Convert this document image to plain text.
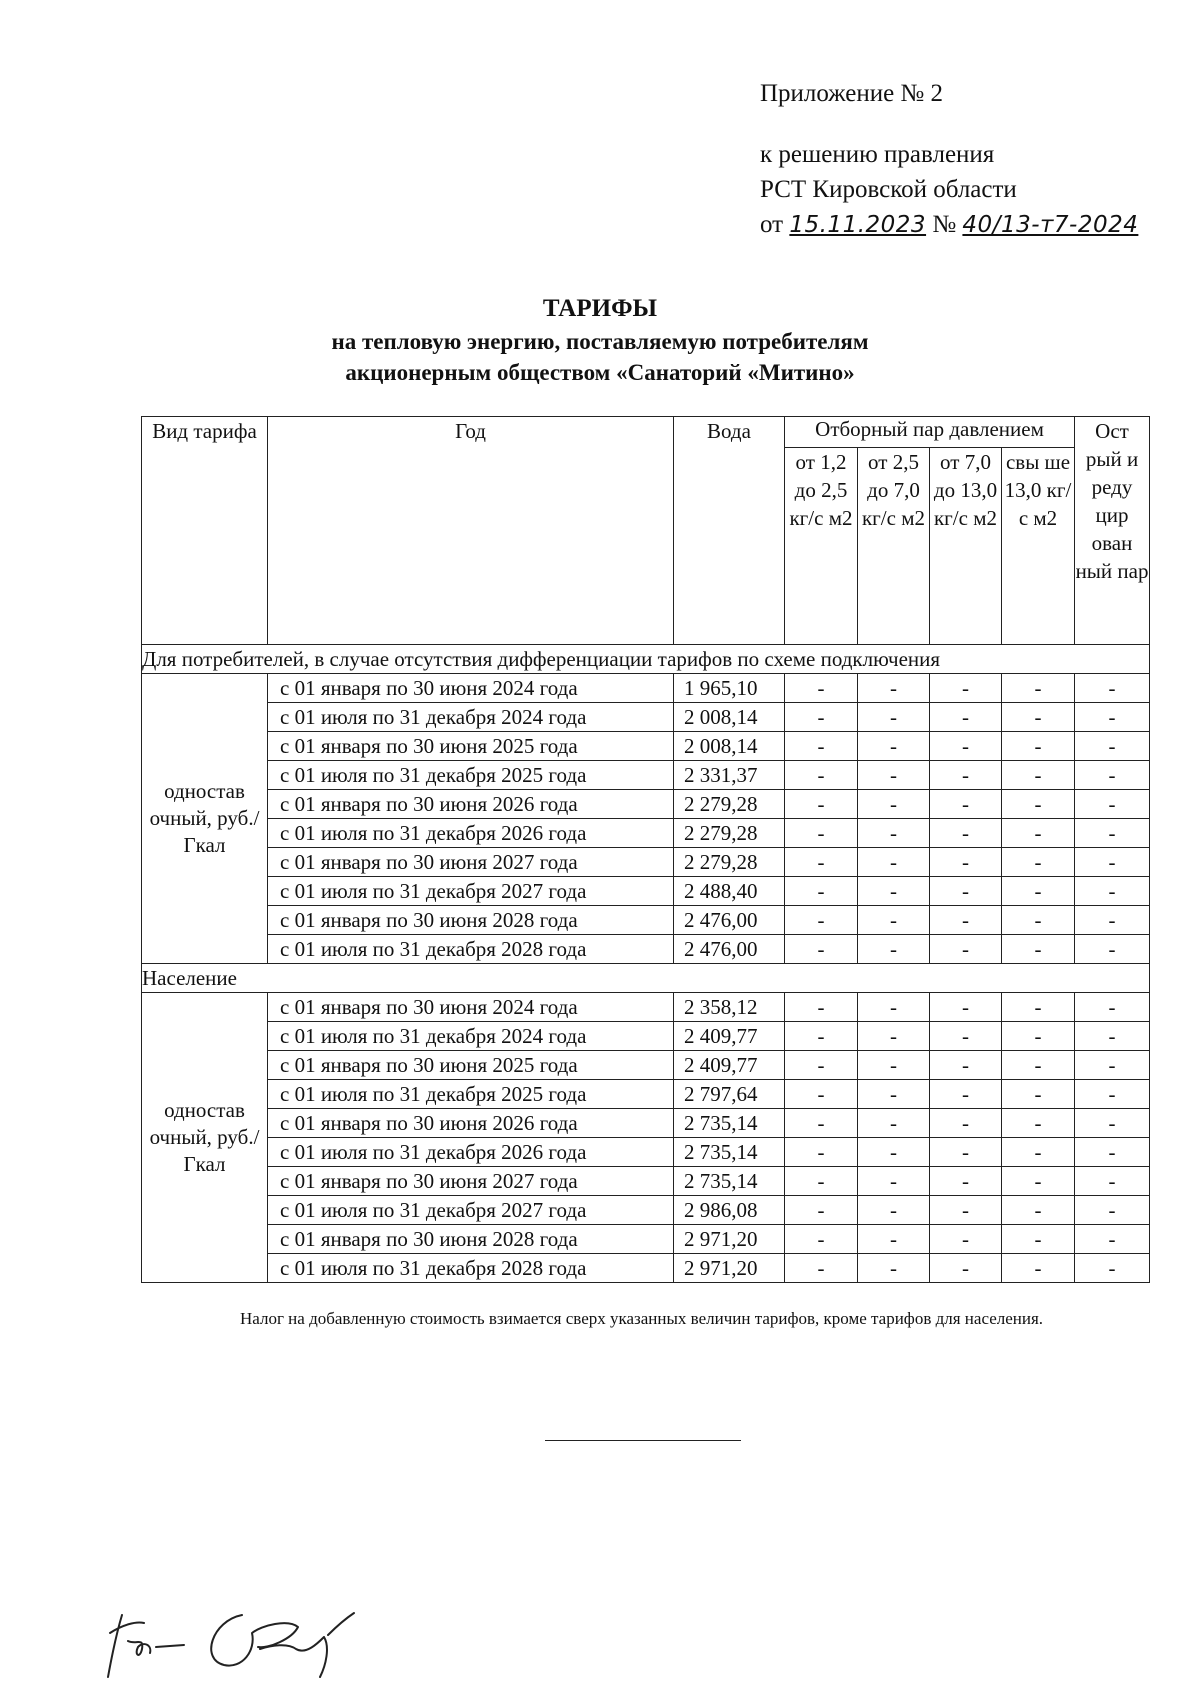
Приложение № 2
к решению правления
РСТ Кировской области
от 15.11.2023 № 40/13-т7-2024
ТАРИФЫ
на тепловую энергию, поставляемую потребителям
акционерным обществом «Санаторий «Митино»
Вид тарифа	Год	Вода	Отборный пар давлением				Ост рый и реду цир ован ный пар
			от 1,2 до 2,5 кг/с м2	от 2,5 до 7,0 кг/с м2	от 7,0 до 13,0 кг/с м2	свы ше 13,0 кг/с м2	
Для потребителей, в случае отсутствия дифференциации тарифов по схеме подключения							
одностав очный, руб./Гкал	с 01 января по 30 июня 2024 года	1 965,10	-	-	-	-	-
	с 01 июля по 31 декабря 2024 года	2 008,14	-	-	-	-	-
	с 01 января по 30 июня 2025 года	2 008,14	-	-	-	-	-
	с 01 июля по 31 декабря 2025 года	2 331,37	-	-	-	-	-
	с 01 января по 30 июня 2026 года	2 279,28	-	-	-	-	-
	с 01 июля по 31 декабря 2026 года	2 279,28	-	-	-	-	-
	с 01 января по 30 июня 2027 года	2 279,28	-	-	-	-	-
	с 01 июля по 31 декабря 2027 года	2 488,40	-	-	-	-	-
	с 01 января по 30 июня 2028 года	2 476,00	-	-	-	-	-
	с 01 июля по 31 декабря 2028 года	2 476,00	-	-	-	-	-
Население							
одностав очный, руб./Гкал	с 01 января по 30 июня 2024 года	2 358,12	-	-	-	-	-
	с 01 июля по 31 декабря 2024 года	2 409,77	-	-	-	-	-
	с 01 января по 30 июня 2025 года	2 409,77	-	-	-	-	-
	с 01 июля по 31 декабря 2025 года	2 797,64	-	-	-	-	-
	с 01 января по 30 июня 2026 года	2 735,14	-	-	-	-	-
	с 01 июля по 31 декабря 2026 года	2 735,14	-	-	-	-	-
	с 01 января по 30 июня 2027 года	2 735,14	-	-	-	-	-
	с 01 июля по 31 декабря 2027 года	2 986,08	-	-	-	-	-
	с 01 января по 30 июня 2028 года	2 971,20	-	-	-	-	-
	с 01 июля по 31 декабря 2028 года	2 971,20	-	-	-	-	-
Налог на добавленную стоимость взимается сверх указанных величин тарифов, кроме тарифов для населения.
